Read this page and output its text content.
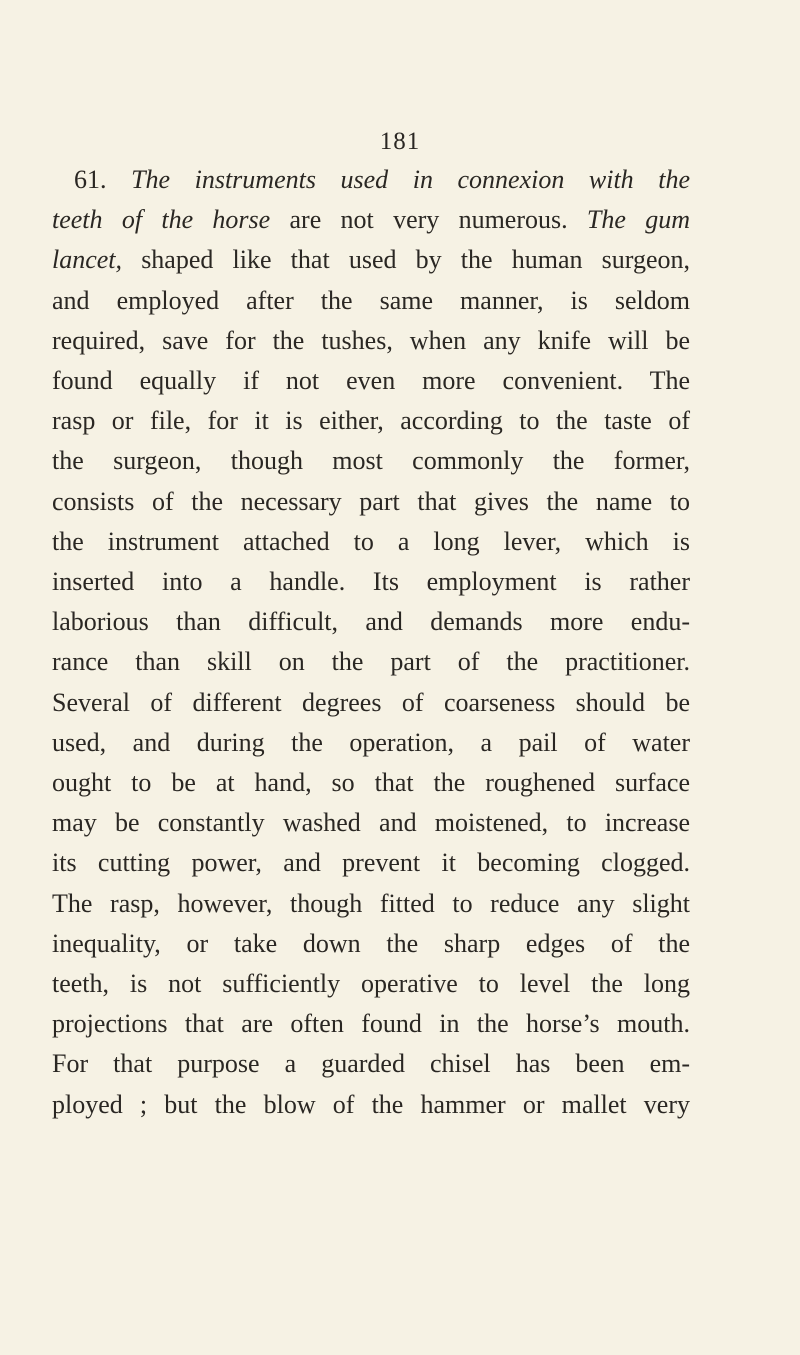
181
61. The instruments used in connexion with the
teeth of the horse are not very numerous. The gum
lancet, shaped like that used by the human surgeon,
and employed after the same manner, is seldom
required, save for the tushes, when any knife will be
found equally if not even more convenient. The
rasp or file, for it is either, according to the taste of
the surgeon, though most commonly the former,
consists of the necessary part that gives the name to
the instrument attached to a long lever, which is
inserted into a handle. Its employment is rather
laborious than difficult, and demands more endu-
rance than skill on the part of the practitioner.
Several of different degrees of coarseness should be
used, and during the operation, a pail of water
ought to be at hand, so that the roughened surface
may be constantly washed and moistened, to increase
its cutting power, and prevent it becoming clogged.
The rasp, however, though fitted to reduce any slight
inequality, or take down the sharp edges of the
teeth, is not sufficiently operative to level the long
projections that are often found in the horse’s mouth.
For that purpose a guarded chisel has been em-
ployed ; but the blow of the hammer or mallet very
